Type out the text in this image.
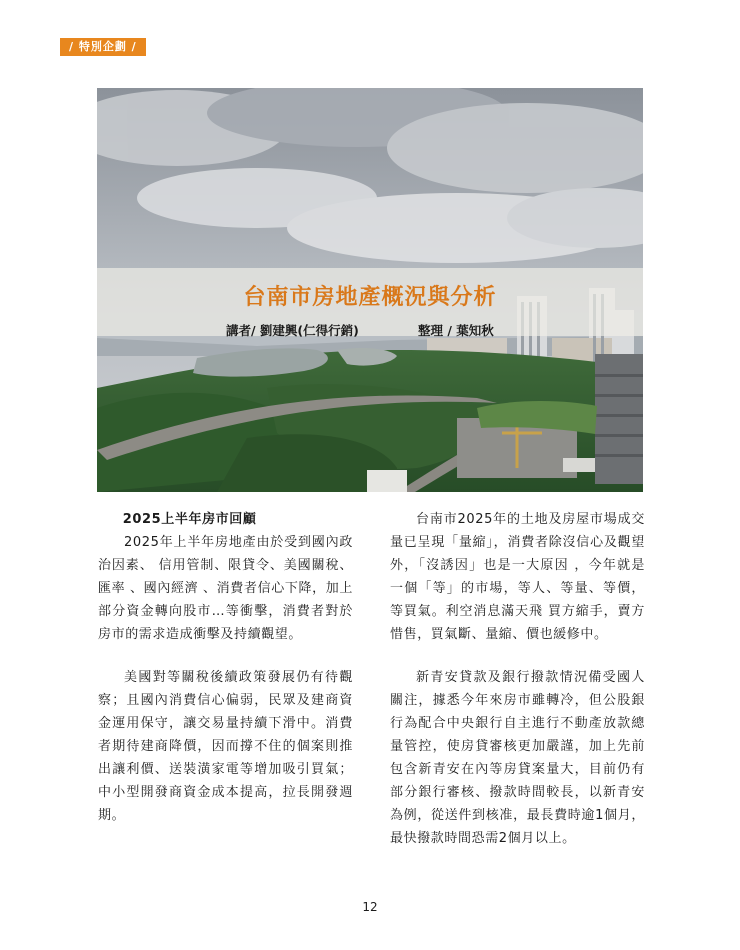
/ 特別企劃 /
台南市房地產概況與分析
講者/ 劉建興(仁得行銷)	整理 / 葉知秋
2025上半年房市回顧

2025年上半年房地產由於受到國內政治因素、 信用管制、限貸令、美國關稅、匯率 、國內經濟 、消費者信心下降，加上部分資金轉向股市…等衝擊，消費者對於房市的需求造成衝擊及持續觀望。

美國對等關稅後續政策發展仍有待觀察；且國內消費信心偏弱，民眾及建商資金運用保守，讓交易量持續下滑中。消費者期待建商降價，因而撐不住的個案則推出讓利價、送裝潢家電等增加吸引買氣；中小型開發商資金成本提高，拉長開發週期。

台南市2025年的土地及房屋市場成交量已呈現「量縮」，消費者除沒信心及觀望外，「沒誘因」也是一大原因 ，今年就是一個「等」的市場，等人、等量、等價，等買氣。利空消息滿天飛 買方縮手，賣方惜售，買氣斷、量縮、價也緩修中。

新青安貸款及銀行撥款情況備受國人關注，據悉今年來房市雖轉冷，但公股銀行為配合中央銀行自主進行不動產放款總量管控，使房貸審核更加嚴謹，加上先前包含新青安在內等房貸案量大，目前仍有部分銀行審核、撥款時間較長，以新青安為例，從送件到核准，最長費時逾1個月，最快撥款時間恐需2個月以上。

12
